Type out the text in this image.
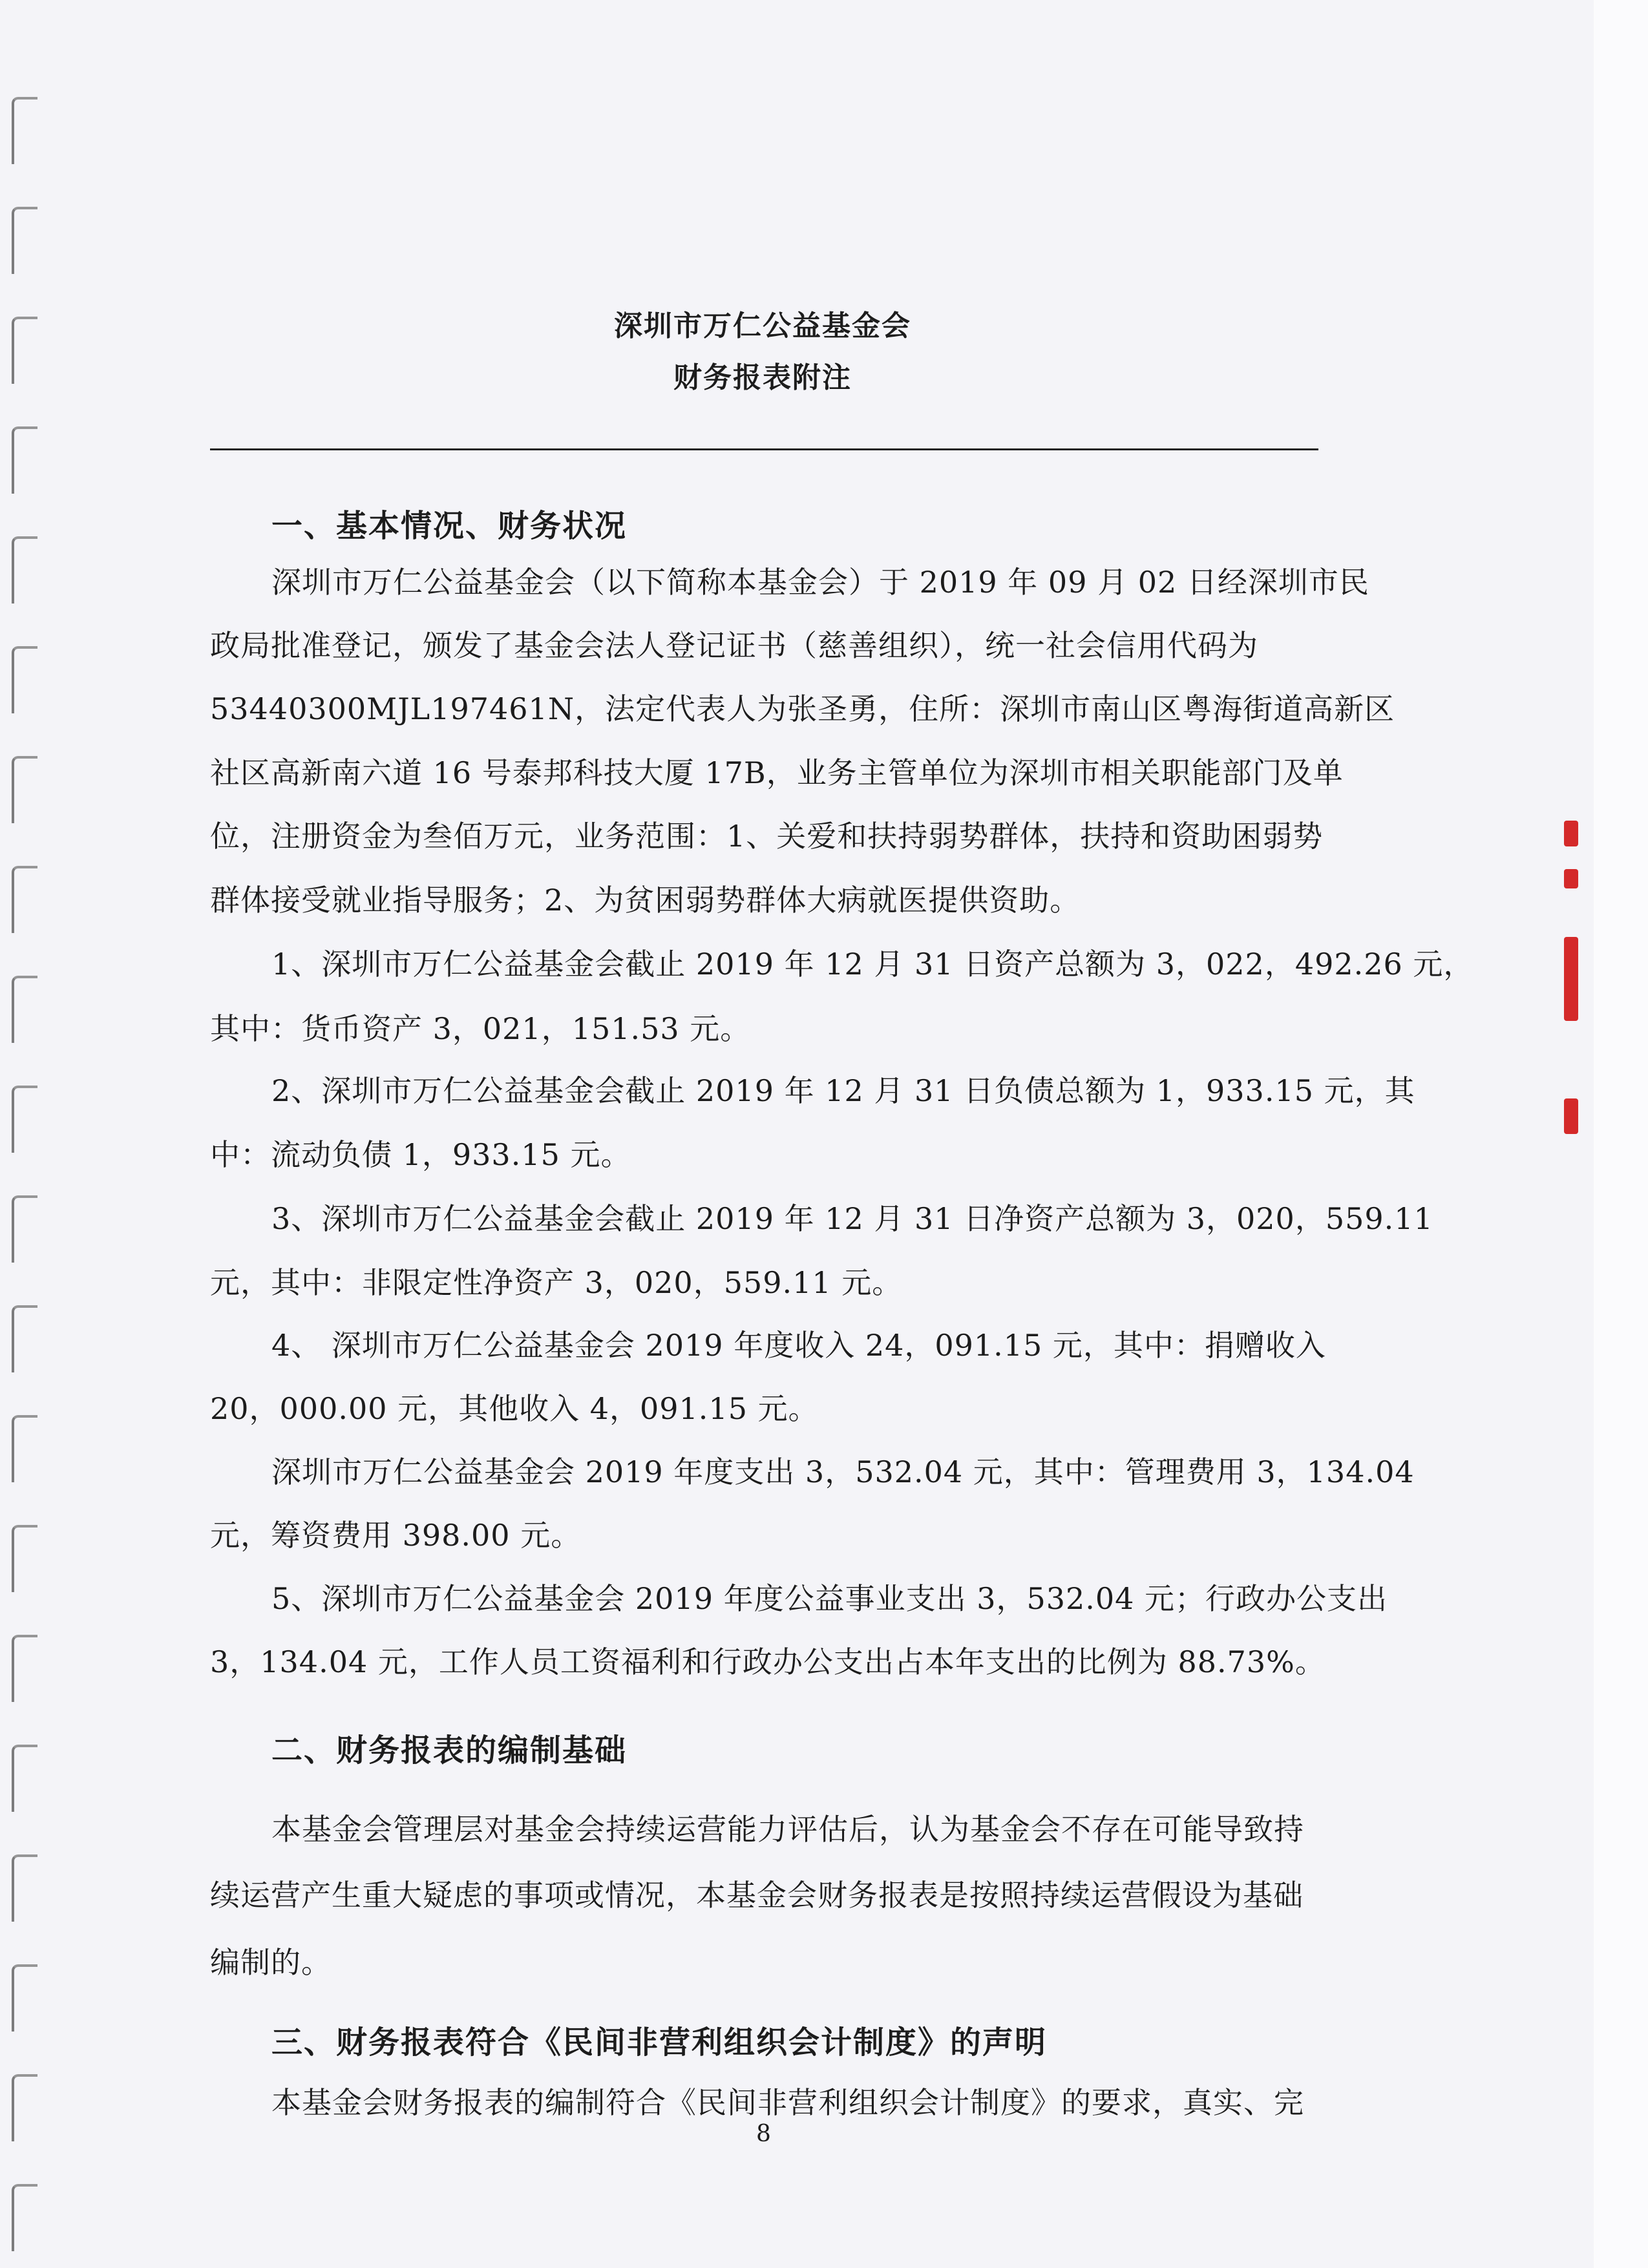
深圳市万仁公益基金会
财务报表附注
一、基本情况、财务状况
深圳市万仁公益基金会（以下简称本基金会）于 2019 年 09 月 02 日经深圳市民
政局批准登记，颁发了基金会法人登记证书（慈善组织），统一社会信用代码为
53440300MJL197461N，法定代表人为张圣勇，住所：深圳市南山区粤海街道高新区
社区高新南六道 16 号泰邦科技大厦 17B，业务主管单位为深圳市相关职能部门及单
位，注册资金为叁佰万元，业务范围：1、关爱和扶持弱势群体，扶持和资助困弱势
群体接受就业指导服务；2、为贫困弱势群体大病就医提供资助。
1、深圳市万仁公益基金会截止 2019 年 12 月 31 日资产总额为 3，022，492.26 元，
其中：货币资产 3，021，151.53 元。
2、深圳市万仁公益基金会截止 2019 年 12 月 31 日负债总额为 1，933.15 元，其
中：流动负债 1，933.15 元。
3、深圳市万仁公益基金会截止 2019 年 12 月 31 日净资产总额为 3，020，559.11
元，其中：非限定性净资产 3，020，559.11 元。
4、 深圳市万仁公益基金会 2019 年度收入 24，091.15 元，其中：捐赠收入
20，000.00 元，其他收入 4，091.15 元。
深圳市万仁公益基金会 2019 年度支出 3，532.04 元，其中：管理费用 3，134.04
元，筹资费用 398.00 元。
5、深圳市万仁公益基金会 2019 年度公益事业支出 3，532.04 元；行政办公支出
3，134.04 元，工作人员工资福利和行政办公支出占本年支出的比例为 88.73%。
二、财务报表的编制基础
本基金会管理层对基金会持续运营能力评估后，认为基金会不存在可能导致持
续运营产生重大疑虑的事项或情况，本基金会财务报表是按照持续运营假设为基础
编制的。
三、财务报表符合《民间非营利组织会计制度》的声明
本基金会财务报表的编制符合《民间非营利组织会计制度》的要求，真实、完
8
